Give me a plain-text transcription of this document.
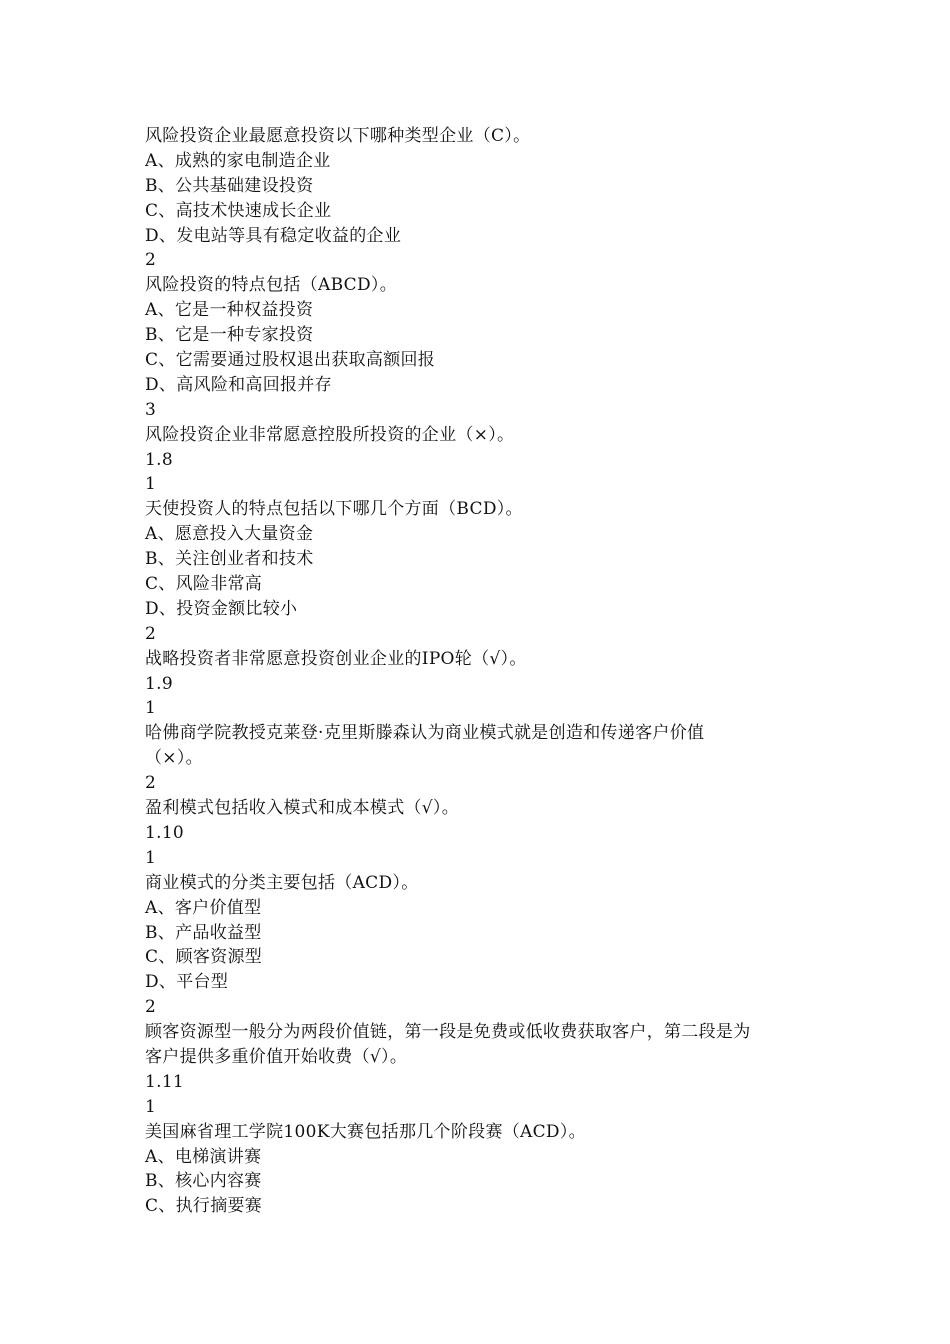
风险投资企业最愿意投资以下哪种类型企业（C）。
A、成熟的家电制造企业
B、公共基础建设投资
C、高技术快速成长企业
D、发电站等具有稳定收益的企业
2
风险投资的特点包括（ABCD）。
A、它是一种权益投资
B、它是一种专家投资
C、它需要通过股权退出获取高额回报
D、高风险和高回报并存
3
风险投资企业非常愿意控股所投资的企业（×）。
1.8
1
天使投资人的特点包括以下哪几个方面（BCD）。
A、愿意投入大量资金
B、关注创业者和技术
C、风险非常高
D、投资金额比较小
2
战略投资者非常愿意投资创业企业的IPO轮（√）。
1.9
1
哈佛商学院教授克莱登·克里斯滕森认为商业模式就是创造和传递客户价值
（×）。
2
盈利模式包括收入模式和成本模式（√）。
1.10
1
商业模式的分类主要包括（ACD）。
A、客户价值型
B、产品收益型
C、顾客资源型
D、平台型
2
顾客资源型一般分为两段价值链，第一段是免费或低收费获取客户，第二段是为
客户提供多重价值开始收费（√）。
1.11
1
美国麻省理工学院100K大赛包括那几个阶段赛（ACD）。
A、电梯演讲赛
B、核心内容赛
C、执行摘要赛
